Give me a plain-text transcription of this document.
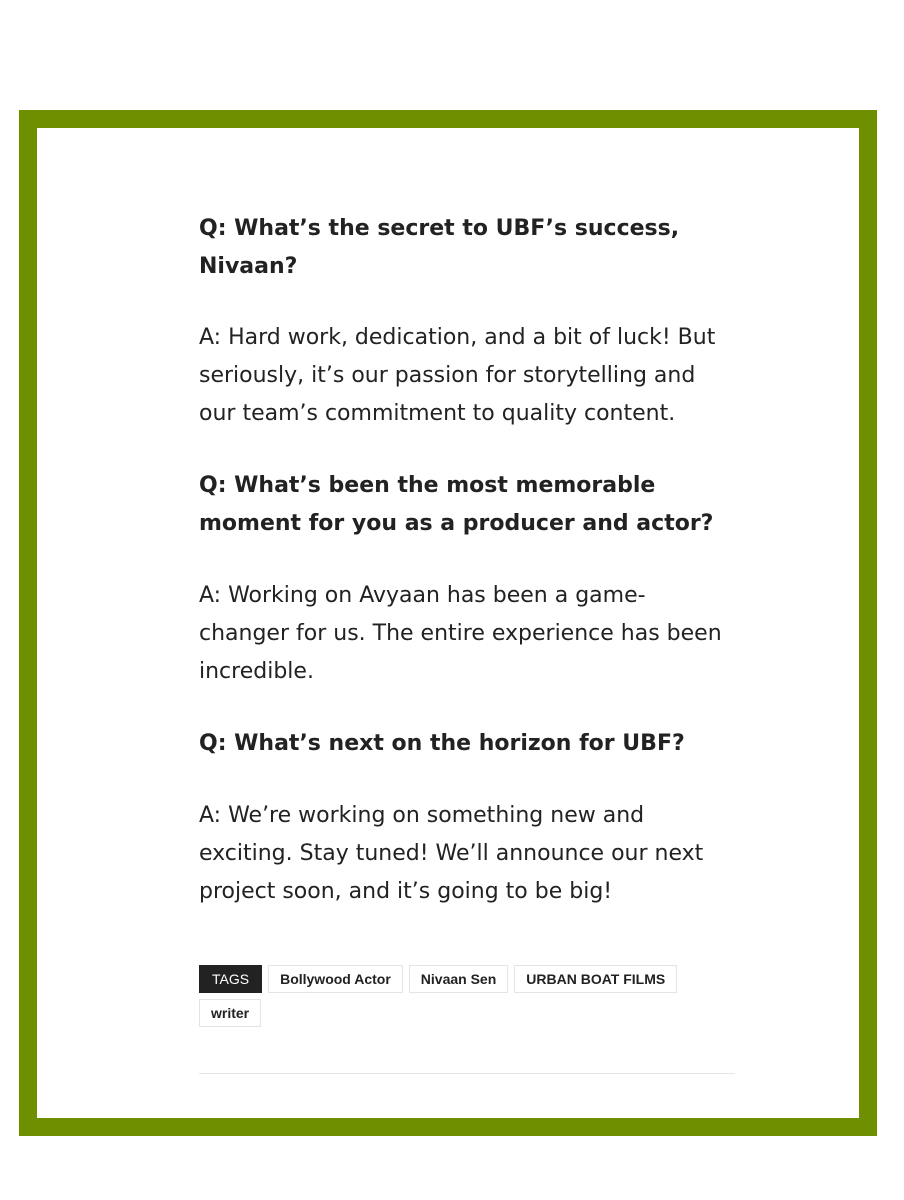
Q: What’s the secret to UBF’s success, Nivaan?

A: Hard work, dedication, and a bit of luck! But seriously, it’s our passion for storytelling and our team’s commitment to quality content.

Q: What’s been the most memorable moment for you as a producer and actor?

A: Working on Avyaan has been a game-changer for us. The entire experience has been incredible.

Q: What’s next on the horizon for UBF?

A: We’re working on something new and exciting. Stay tuned! We’ll announce our next project soon, and it’s going to be big!

TAGS	Bollywood Actor	Nivaan Sen	URBAN BOAT FILMS
writer
